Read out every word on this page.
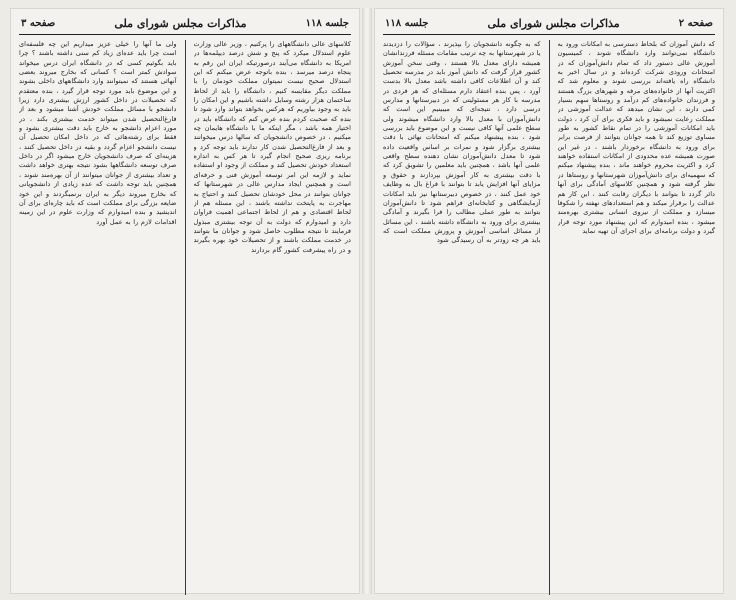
جلسه ۱۱۸
مذاکرات مجلس شورای ملی
صفحه ۳

کلاسهای عالی دانشگاههای را پرکنیم ، وزیر عالی وزارت علوم استدلال میکرد که پنج و شش درصد دیپلمه‌ها در امریکا به دانشگاه می‌آیند درصورتیکه ایران این رقم به پنجاه درصد میرسد ، بنده باتوجه عرض میکنم که این استدلال صحیح نیست نمیتوان مملکت خودمان را با مملکت دیگر مقایسه کنیم ، دانشگاه را باید از لحاظ ساختمان هزار رشته وسایل داشته باشیم و این امکان را باید به وجود بیاوریم که هرکس بخواهد بتواند وارد شود تا بنده که صحبت کردم بنده عرض کنم که دانشگاه باید در اختیار همه باشد ، مگر اینکه ما با دانشگاه هایمان چه میکنیم ، در خصوص دانشجویان که سالها درس میخوانند و بعد از فارغ‌التحصیل شدن کار ندارند باید توجه کرد و برنامه ریزی صحیح انجام گیرد تا هر کس به اندازه استعداد خودش تحصیل کند و مملکت از وجود او استفاده نماید و لازمه این امر توسعه آموزش فنی و حرفه‌ای است و همچنین ایجاد مدارس عالی در شهرستانها که جوانان بتوانند در محل خودشان تحصیل کنند و احتیاج به مهاجرت به پایتخت نداشته باشند ، این مسئله هم از لحاظ اقتصادی و هم از لحاظ اجتماعی اهمیت فراوان دارد و امیدوارم که دولت به آن توجه بیشتری مبذول فرمایند تا نتیجه مطلوب حاصل شود و جوانان ما بتوانند در خدمت مملکت باشند و از تحصیلات خود بهره بگیرند و در راه پیشرفت کشور گام بردارند

ولی ما آنها را خیلی عزیز میداریم این چه فلسفه‌ای است چرا باید عده‌ای زیاد کم سنی داشته باشند ؟ چرا باید بگوئیم کسی که در دانشگاه ایران درس میخواند سوادش کمتر است ؟ کسانی که بخارج میروند بعضی آنهائی هستند که نمیتوانند وارد دانشگاههای داخلی بشوند و این موضوع باید مورد توجه قرار گیرد ، بنده معتقدم که تحصیلات در داخل کشور ارزش بیشتری دارد زیرا دانشجو با مسائل مملکت خودش آشنا میشود و بعد از فارغ‌التحصیل شدن میتواند خدمت بیشتری بکند ، در مورد اعزام دانشجو به خارج باید دقت بیشتری بشود و فقط برای رشته‌هائی که در داخل امکان تحصیل آن نیست دانشجو اعزام گردد و بقیه در داخل تحصیل کنند ، هزینه‌ای که صرف دانشجویان خارج میشود اگر در داخل صرف توسعه دانشگاهها بشود نتیجه بهتری خواهد داشت و تعداد بیشتری از جوانان میتوانند از آن بهره‌مند شوند ، همچنین باید توجه داشت که عده زیادی از دانشجویانی که بخارج میروند دیگر به ایران برنمیگردند و این خود ضایعه بزرگی برای مملکت است که باید چاره‌ای برای آن اندیشید و بنده امیدوارم که وزارت علوم در این زمینه اقدامات لازم را به عمل آورد

صفحه ۲
مذاکرات مجلس شورای ملی
جلسه ۱۱۸

که دانش آموزان که بلحاظ دسترسی به امکانات ورود به دانشگاه نمی‌توانند وارد دانشگاه شوند ، کمیسیون آموزش عالی دستور داد که تمام دانش‌آموزان که در امتحانات ورودی شرکت کرده‌اند و در سال اخیر به دانشگاه راه یافته‌اند بررسی شوند و معلوم شد که اکثریت آنها از خانواده‌های مرفه و شهرهای بزرگ هستند و فرزندان خانواده‌های کم درآمد و روستاها سهم بسیار کمی دارند ، این نشان میدهد که عدالت آموزشی در مملکت رعایت نمیشود و باید فکری برای آن کرد ، دولت باید امکانات آموزشی را در تمام نقاط کشور به طور مساوی توزیع کند تا همه جوانان بتوانند از فرصت برابر برای ورود به دانشگاه برخوردار باشند ، در غیر این صورت همیشه عده محدودی از امکانات استفاده خواهند کرد و اکثریت محروم خواهند ماند ، بنده پیشنهاد میکنم که سهمیه‌ای برای دانش‌آموزان شهرستانها و روستاها در نظر گرفته شود و همچنین کلاسهای آمادگی برای آنها دائر گردد تا بتوانند با دیگران رقابت کنند ، این کار هم عدالت را برقرار میکند و هم استعدادهای نهفته را شکوفا میسازد و مملکت از نیروی انسانی بیشتری بهره‌مند میشود ، بنده امیدوارم که این پیشنهاد مورد توجه قرار گیرد و دولت برنامه‌ای برای اجرای آن تهیه نماید

که به چگونه دانشجویان را بپذیرند ، سؤالات را دزدیدند یا در شهرستانها به چه ترتیب مقامات مسئله فرزندانشان همیشه دارای معدل بالا هستند ، وقتی سخن آموزش کشور قرار گرفت که دانش آموز باید در مدرسه تحصیل کند و آن اطلاعات کافی داشته باشد معدل بالا بدست آورد ، پس بنده اعتقاد دارم مسئله‌ای که هر فردی در مدرسه با کار هر مسئولیتی که در دبیرستانها و مدارس درسی دارد ، نتیجه‌ای که میبینیم این است که دانش‌آموزان با معدل بالا وارد دانشگاه میشوند ولی سطح علمی آنها کافی نیست و این موضوع باید بررسی شود ، بنده پیشنهاد میکنم که امتحانات نهائی با دقت بیشتری برگزار شود و نمرات بر اساس واقعیت داده شود تا معدل دانش‌آموزان نشان دهنده سطح واقعی علمی آنها باشد ، همچنین باید معلمین را تشویق کرد که با دقت بیشتری به کار آموزش بپردازند و حقوق و مزایای آنها افزایش یابد تا بتوانند با فراغ بال به وظایف خود عمل کنند ، در خصوص دبیرستانها نیز باید امکانات آزمایشگاهی و کتابخانه‌ای فراهم شود تا دانش‌آموزان بتوانند به طور عملی مطالب را فرا بگیرند و آمادگی بیشتری برای ورود به دانشگاه داشته باشند ، این مسائل از مسائل اساسی آموزش و پرورش مملکت است که باید هر چه زودتر به آن رسیدگی شود
